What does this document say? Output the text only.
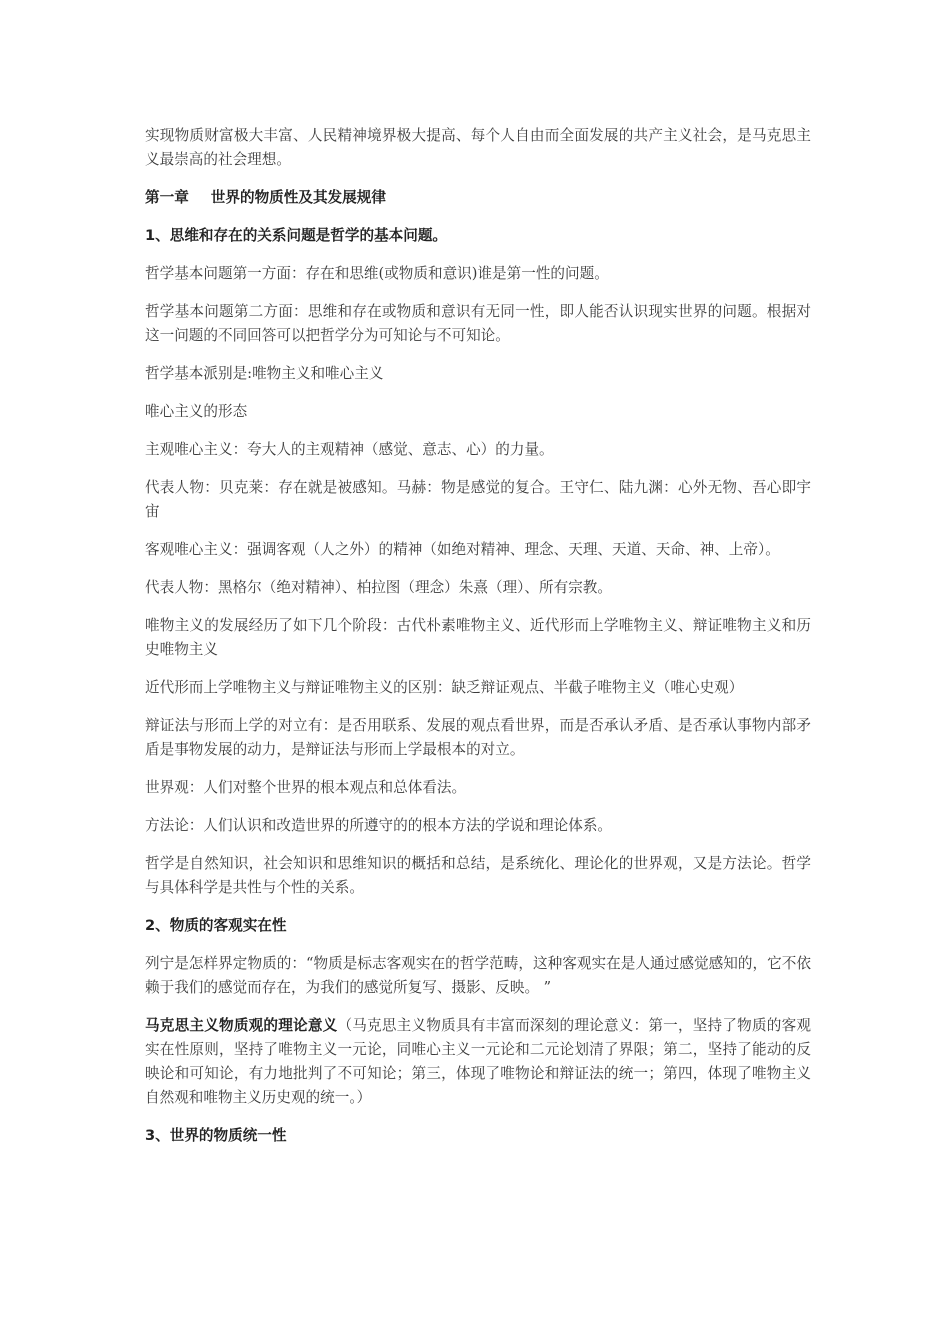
实现物质财富极大丰富、人民精神境界极大提高、每个人自由而全面发展的共产主义社会，是马克思主义最崇高的社会理想。

第一章 世界的物质性及其发展规律

1、思维和存在的关系问题是哲学的基本问题。

哲学基本问题第一方面：存在和思维(或物质和意识)谁是第一性的问题。

哲学基本问题第二方面：思维和存在或物质和意识有无同一性，即人能否认识现实世界的问题。根据对这一问题的不同回答可以把哲学分为可知论与不可知论。

哲学基本派别是:唯物主义和唯心主义

唯心主义的形态

主观唯心主义：夸大人的主观精神（感觉、意志、心）的力量。

代表人物：贝克莱：存在就是被感知。马赫：物是感觉的复合。王守仁、陆九渊：心外无物、吾心即宇宙

客观唯心主义：强调客观（人之外）的精神（如绝对精神、理念、天理、天道、天命、神、上帝）。

代表人物：黑格尔（绝对精神）、柏拉图（理念）朱熹（理）、所有宗教。

唯物主义的发展经历了如下几个阶段：古代朴素唯物主义、近代形而上学唯物主义、辩证唯物主义和历史唯物主义

近代形而上学唯物主义与辩证唯物主义的区别：缺乏辩证观点、半截子唯物主义（唯心史观）

辩证法与形而上学的对立有：是否用联系、发展的观点看世界，而是否承认矛盾、是否承认事物内部矛盾是事物发展的动力，是辩证法与形而上学最根本的对立。

世界观：人们对整个世界的根本观点和总体看法。

方法论：人们认识和改造世界的所遵守的的根本方法的学说和理论体系。

哲学是自然知识，社会知识和思维知识的概括和总结，是系统化、理论化的世界观，又是方法论。哲学与具体科学是共性与个性的关系。

2、物质的客观实在性

列宁是怎样界定物质的：“物质是标志客观实在的哲学范畴，这种客观实在是人通过感觉感知的，它不依赖于我们的感觉而存在，为我们的感觉所复写、摄影、反映。 ”

马克思主义物质观的理论意义（马克思主义物质具有丰富而深刻的理论意义：第一，坚持了物质的客观实在性原则，坚持了唯物主义一元论，同唯心主义一元论和二元论划清了界限；第二，坚持了能动的反映论和可知论，有力地批判了不可知论；第三，体现了唯物论和辩证法的统一；第四，体现了唯物主义自然观和唯物主义历史观的统一。）

3、世界的物质统一性
